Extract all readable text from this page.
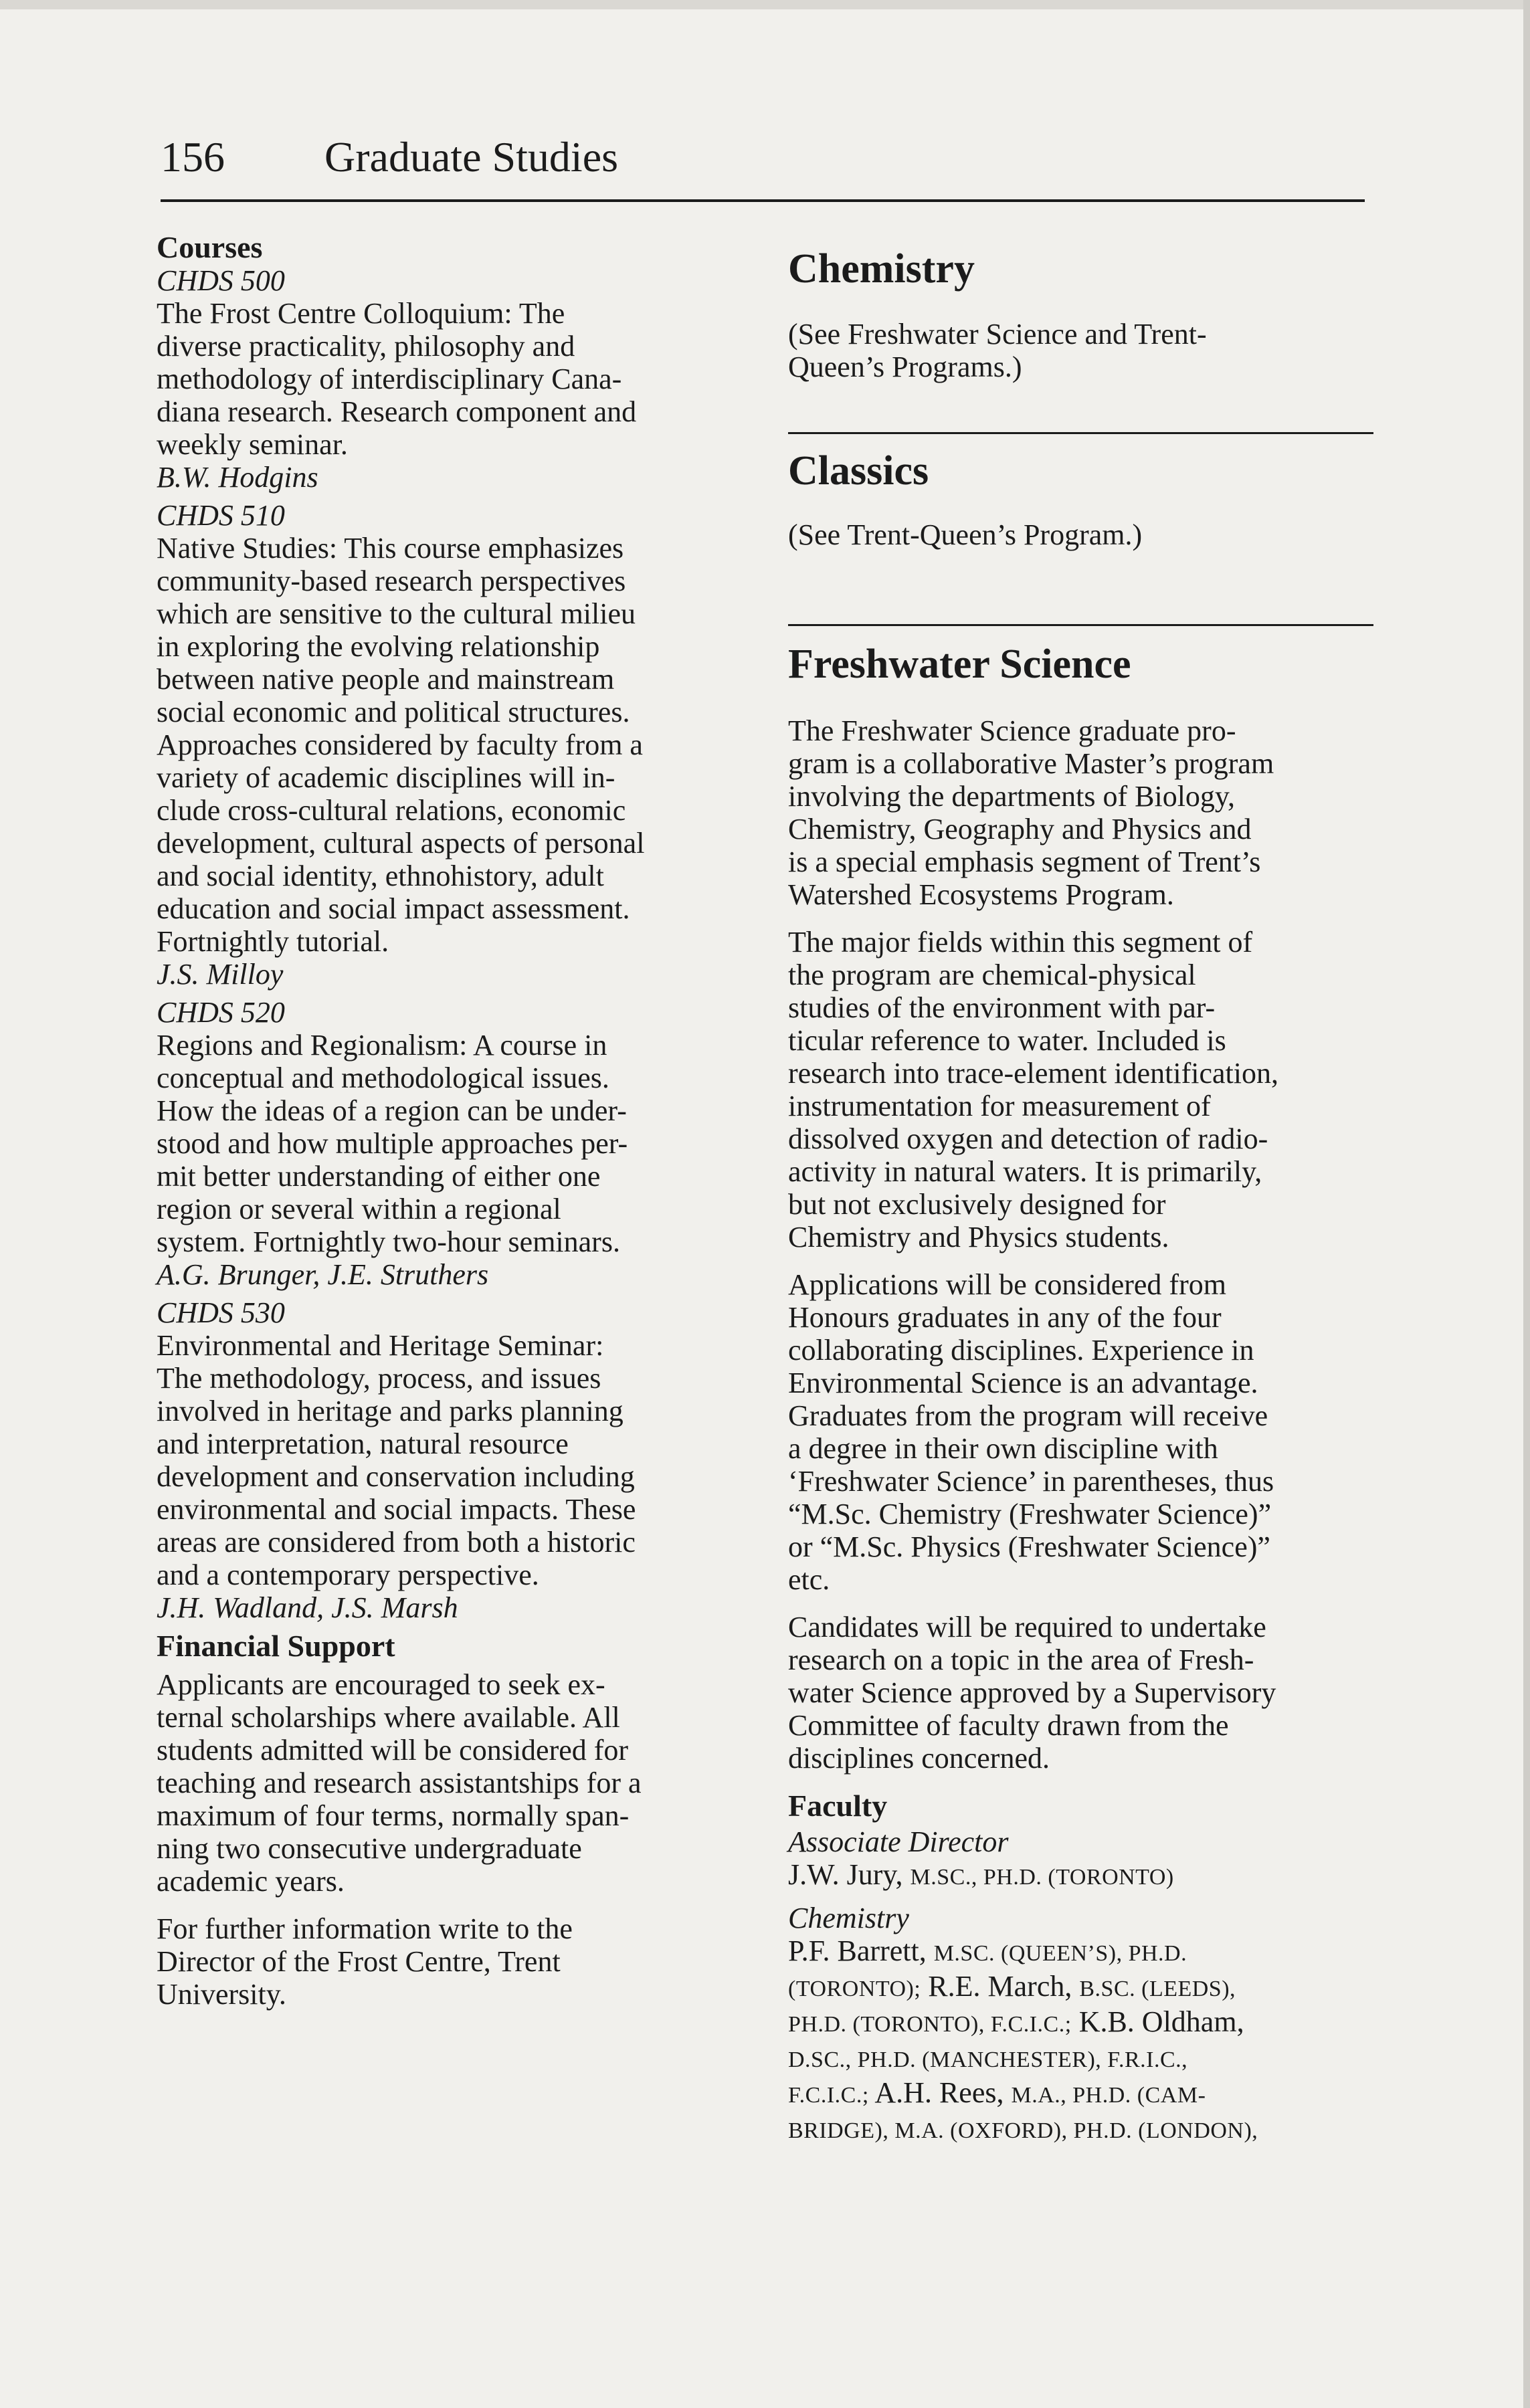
156 Graduate Studies
Courses
CHDS 500
The Frost Centre Colloquium: The
diverse practicality, philosophy and
methodology of interdisciplinary Cana-
diana research. Research component and
weekly seminar.
B.W. Hodgins
CHDS 510
Native Studies: This course emphasizes
community-based research perspectives
which are sensitive to the cultural milieu
in exploring the evolving relationship
between native people and mainstream
social economic and political structures.
Approaches considered by faculty from a
variety of academic disciplines will in-
clude cross-cultural relations, economic
development, cultural aspects of personal
and social identity, ethnohistory, adult
education and social impact assessment.
Fortnightly tutorial.
J.S. Milloy
CHDS 520
Regions and Regionalism: A course in
conceptual and methodological issues.
How the ideas of a region can be under-
stood and how multiple approaches per-
mit better understanding of either one
region or several within a regional
system. Fortnightly two-hour seminars.
A.G. Brunger, J.E. Struthers
CHDS 530
Environmental and Heritage Seminar:
The methodology, process, and issues
involved in heritage and parks planning
and interpretation, natural resource
development and conservation including
environmental and social impacts. These
areas are considered from both a historic
and a contemporary perspective.
J.H. Wadland, J.S. Marsh
Financial Support
Applicants are encouraged to seek ex-
ternal scholarships where available. All
students admitted will be considered for
teaching and research assistantships for a
maximum of four terms, normally span-
ning two consecutive undergraduate
academic years.
For further information write to the
Director of the Frost Centre, Trent
University.
Chemistry
(See Freshwater Science and Trent-
Queen’s Programs.)
Classics
(See Trent-Queen’s Program.)
Freshwater Science
The Freshwater Science graduate pro-
gram is a collaborative Master’s program
involving the departments of Biology,
Chemistry, Geography and Physics and
is a special emphasis segment of Trent’s
Watershed Ecosystems Program.
The major fields within this segment of
the program are chemical-physical
studies of the environment with par-
ticular reference to water. Included is
research into trace-element identification,
instrumentation for measurement of
dissolved oxygen and detection of radio-
activity in natural waters. It is primarily,
but not exclusively designed for
Chemistry and Physics students.
Applications will be considered from
Honours graduates in any of the four
collaborating disciplines. Experience in
Environmental Science is an advantage.
Graduates from the program will receive
a degree in their own discipline with
‘Freshwater Science’ in parentheses, thus
“M.Sc. Chemistry (Freshwater Science)”
or “M.Sc. Physics (Freshwater Science)”
etc.
Candidates will be required to undertake
research on a topic in the area of Fresh-
water Science approved by a Supervisory
Committee of faculty drawn from the
disciplines concerned.
Faculty
Associate Director
J.W. Jury, M.SC., PH.D. (TORONTO)
Chemistry
P.F. Barrett, M.SC. (QUEEN’S), PH.D.
(TORONTO); R.E. March, B.SC. (LEEDS),
PH.D. (TORONTO), F.C.I.C.; K.B. Oldham,
D.SC., PH.D. (MANCHESTER), F.R.I.C.,
F.C.I.C.; A.H. Rees, M.A., PH.D. (CAM-
BRIDGE), M.A. (OXFORD), PH.D. (LONDON),
